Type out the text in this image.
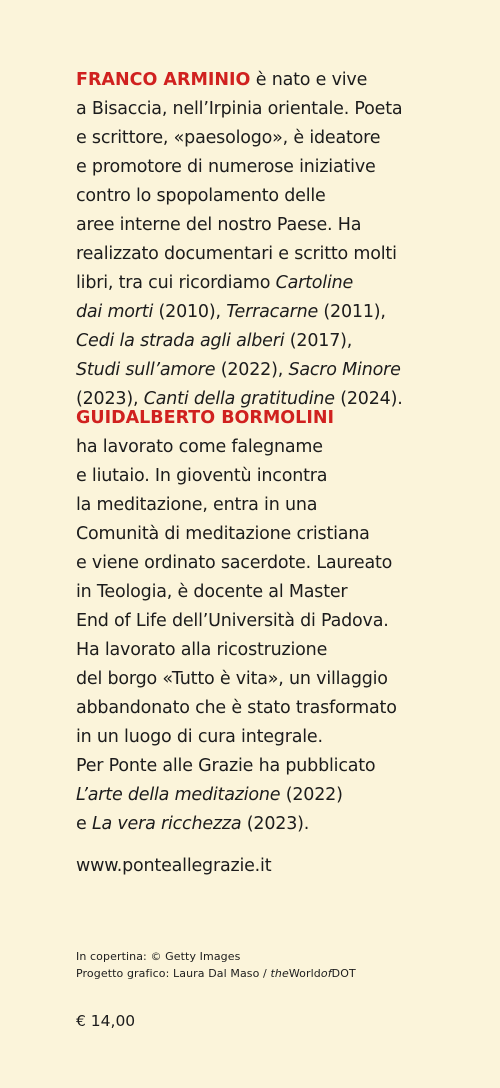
FRANCO ARMINIO è nato e vive
a Bisaccia, nell’Irpinia orientale. Poeta
e scrittore, «paesologo», è ideatore
e promotore di numerose iniziative
contro lo spopolamento delle
aree interne del nostro Paese. Ha
realizzato documentari e scritto molti
libri, tra cui ricordiamo Cartoline
dai morti (2010), Terracarne (2011),
Cedi la strada agli alberi (2017),
Studi sull’amore (2022), Sacro Minore
(2023), Canti della gratitudine (2024).
GUIDALBERTO BORMOLINI
ha lavorato come falegname
e liutaio. In gioventù incontra
la meditazione, entra in una
Comunità di meditazione cristiana
e viene ordinato sacerdote. Laureato
in Teologia, è docente al Master
End of Life dell’Università di Padova.
Ha lavorato alla ricostruzione
del borgo «Tutto è vita», un villaggio
abbandonato che è stato trasformato
in un luogo di cura integrale.
Per Ponte alle Grazie ha pubblicato
L’arte della meditazione (2022)
e La vera ricchezza (2023).
www.ponteallegrazie.it
In copertina: © Getty Images
Progetto grafico: Laura Dal Maso / theWorldofDOT
€ 14,00
